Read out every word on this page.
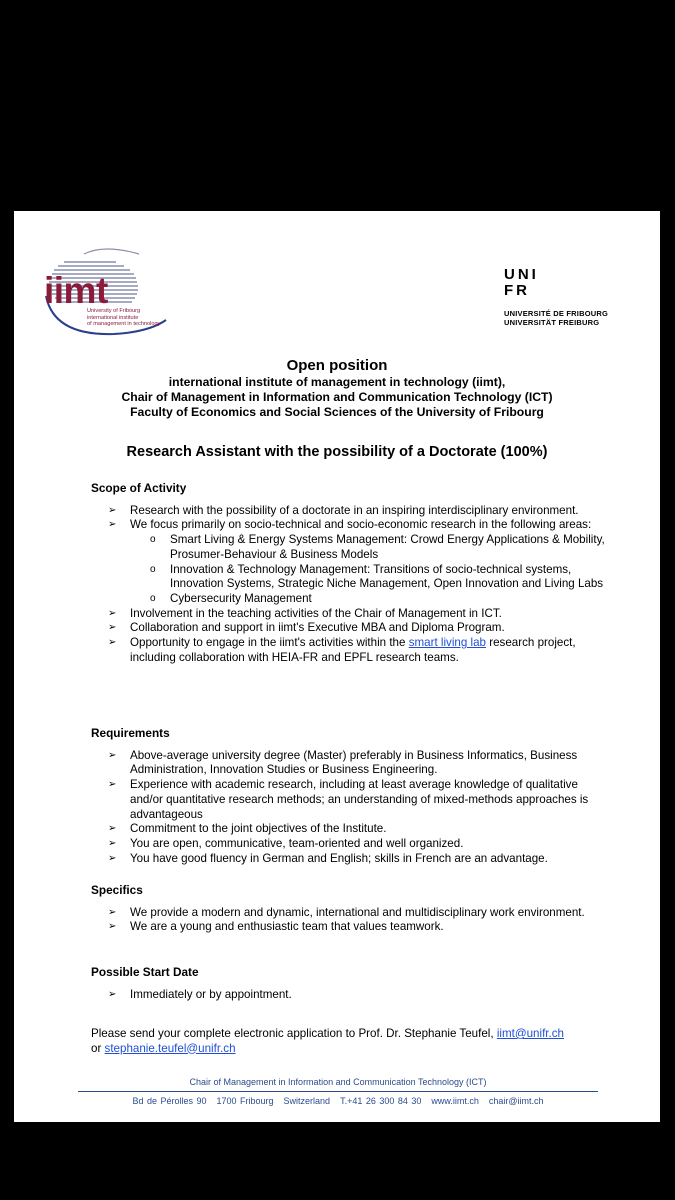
iimt
University of Fribourg
international institute
of management in technology
UNI
FR
UNIVERSITÉ DE FRIBOURG
UNIVERSITÄT FREIBURG
Open position
international institute of management in technology (iimt),
Chair of Management in Information and Communication Technology (ICT)
Faculty of Economics and Social Sciences of the University of Fribourg
Research Assistant with the possibility of a Doctorate (100%)
Scope of Activity
➢ Research with the possibility of a doctorate in an inspiring interdisciplinary environment.
➢ We focus primarily on socio-technical and socio-economic research in the following areas:
o Smart Living & Energy Systems Management: Crowd Energy Applications & Mobility, Prosumer-Behaviour & Business Models
o Innovation & Technology Management: Transitions of socio-technical systems, Innovation Systems, Strategic Niche Management, Open Innovation and Living Labs
o Cybersecurity Management
➢ Involvement in the teaching activities of the Chair of Management in ICT.
➢ Collaboration and support in iimt's Executive MBA and Diploma Program.
➢ Opportunity to engage in the iimt's activities within the smart living lab research project, including collaboration with HEIA-FR and EPFL research teams.
Requirements
➢ Above-average university degree (Master) preferably in Business Informatics, Business Administration, Innovation Studies or Business Engineering.
➢ Experience with academic research, including at least average knowledge of qualitative and/or quantitative research methods; an understanding of mixed-methods approaches is advantageous
➢ Commitment to the joint objectives of the Institute.
➢ You are open, communicative, team-oriented and well organized.
➢ You have good fluency in German and English; skills in French are an advantage.
Specifics
➢ We provide a modern and dynamic, international and multidisciplinary work environment.
➢ We are a young and enthusiastic team that values teamwork.
Possible Start Date
➢ Immediately or by appointment.
Please send your complete electronic application to Prof. Dr. Stephanie Teufel, iimt@unifr.ch
or stephanie.teufel@unifr.ch
Chair of Management in Information and Communication Technology (ICT)
Bd de Pérolles 90 1700 Fribourg Switzerland T.+41 26 300 84 30 www.iimt.ch chair@iimt.ch
